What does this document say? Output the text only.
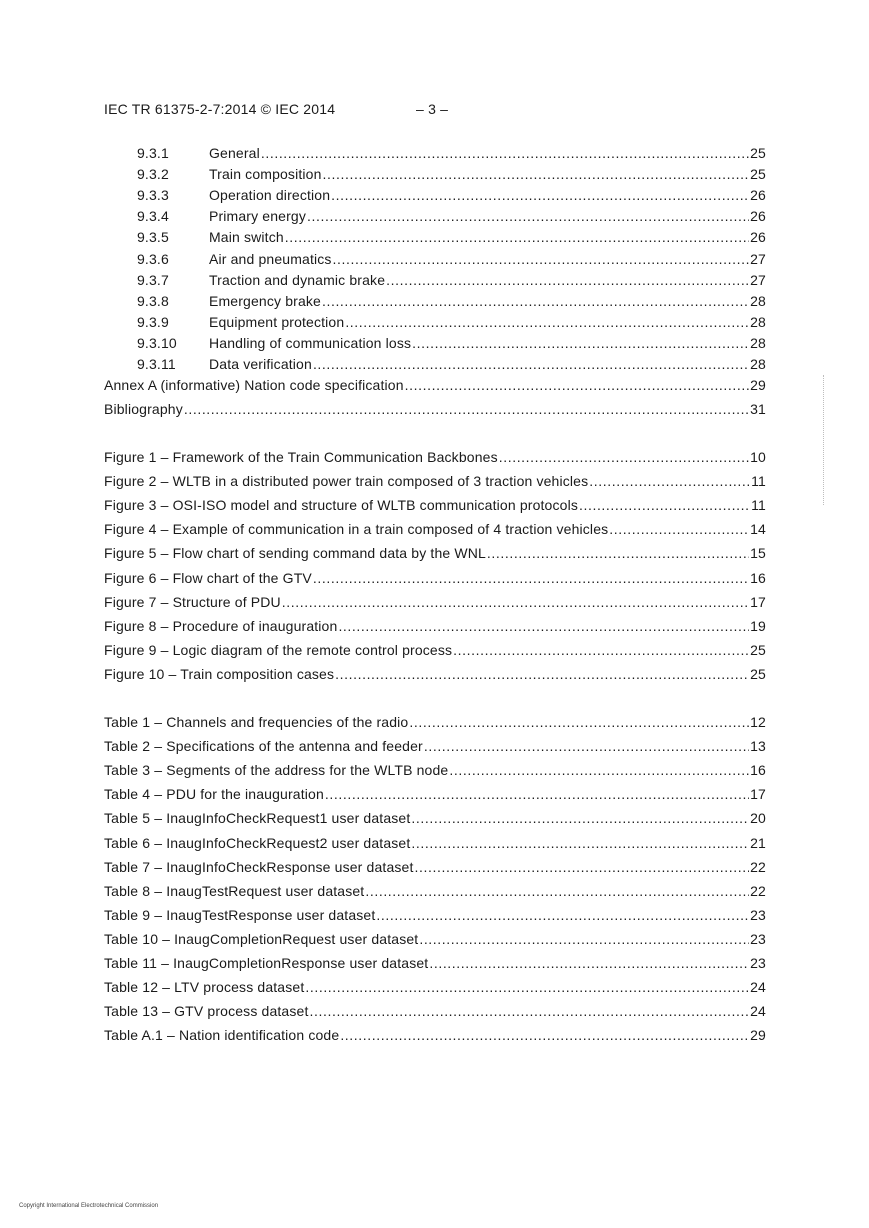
IEC TR 61375-2-7:2014 © IEC 2014	– 3 –
9.3.1	General .....	25
9.3.2	Train composition .....	25
9.3.3	Operation direction .....	26
9.3.4	Primary energy .....	26
9.3.5	Main switch .....	26
9.3.6	Air and pneumatics .....	27
9.3.7	Traction and dynamic brake .....	27
9.3.8	Emergency brake .....	28
9.3.9	Equipment protection .....	28
9.3.10	Handling of communication loss .....	28
9.3.11	Data verification .....	28
Annex A (informative) Nation code specification .....	29
Bibliography .....	31
Figure 1 – Framework of the Train Communication Backbones .....	10
Figure 2 – WLTB in a distributed power train composed of 3 traction vehicles .....	11
Figure 3 – OSI-ISO model and structure of WLTB communication protocols .....	11
Figure 4 – Example of communication in a train composed of 4 traction vehicles .....	14
Figure 5 – Flow chart of sending command data by the WNL .....	15
Figure 6 – Flow chart of the GTV .....	16
Figure 7 – Structure of PDU .....	17
Figure 8 – Procedure of inauguration .....	19
Figure 9 – Logic diagram of the remote control process .....	25
Figure 10 – Train composition cases .....	25
Table 1 – Channels and frequencies of the radio .....	12
Table 2 – Specifications of the antenna and feeder .....	13
Table 3 – Segments of the address for the WLTB node .....	16
Table 4 – PDU for the inauguration .....	17
Table 5 – InaugInfoCheckRequest1 user dataset .....	20
Table 6 – InaugInfoCheckRequest2 user dataset .....	21
Table 7 – InaugInfoCheckResponse user dataset .....	22
Table 8 – InaugTestRequest user dataset .....	22
Table 9 – InaugTestResponse user dataset .....	23
Table 10 – InaugCompletionRequest user dataset .....	23
Table 11 – InaugCompletionResponse user dataset .....	23
Table 12 – LTV process dataset .....	24
Table 13 – GTV process dataset .....	24
Table A.1 – Nation identification code .....	29
Copyright International Electrotechnical Commission
